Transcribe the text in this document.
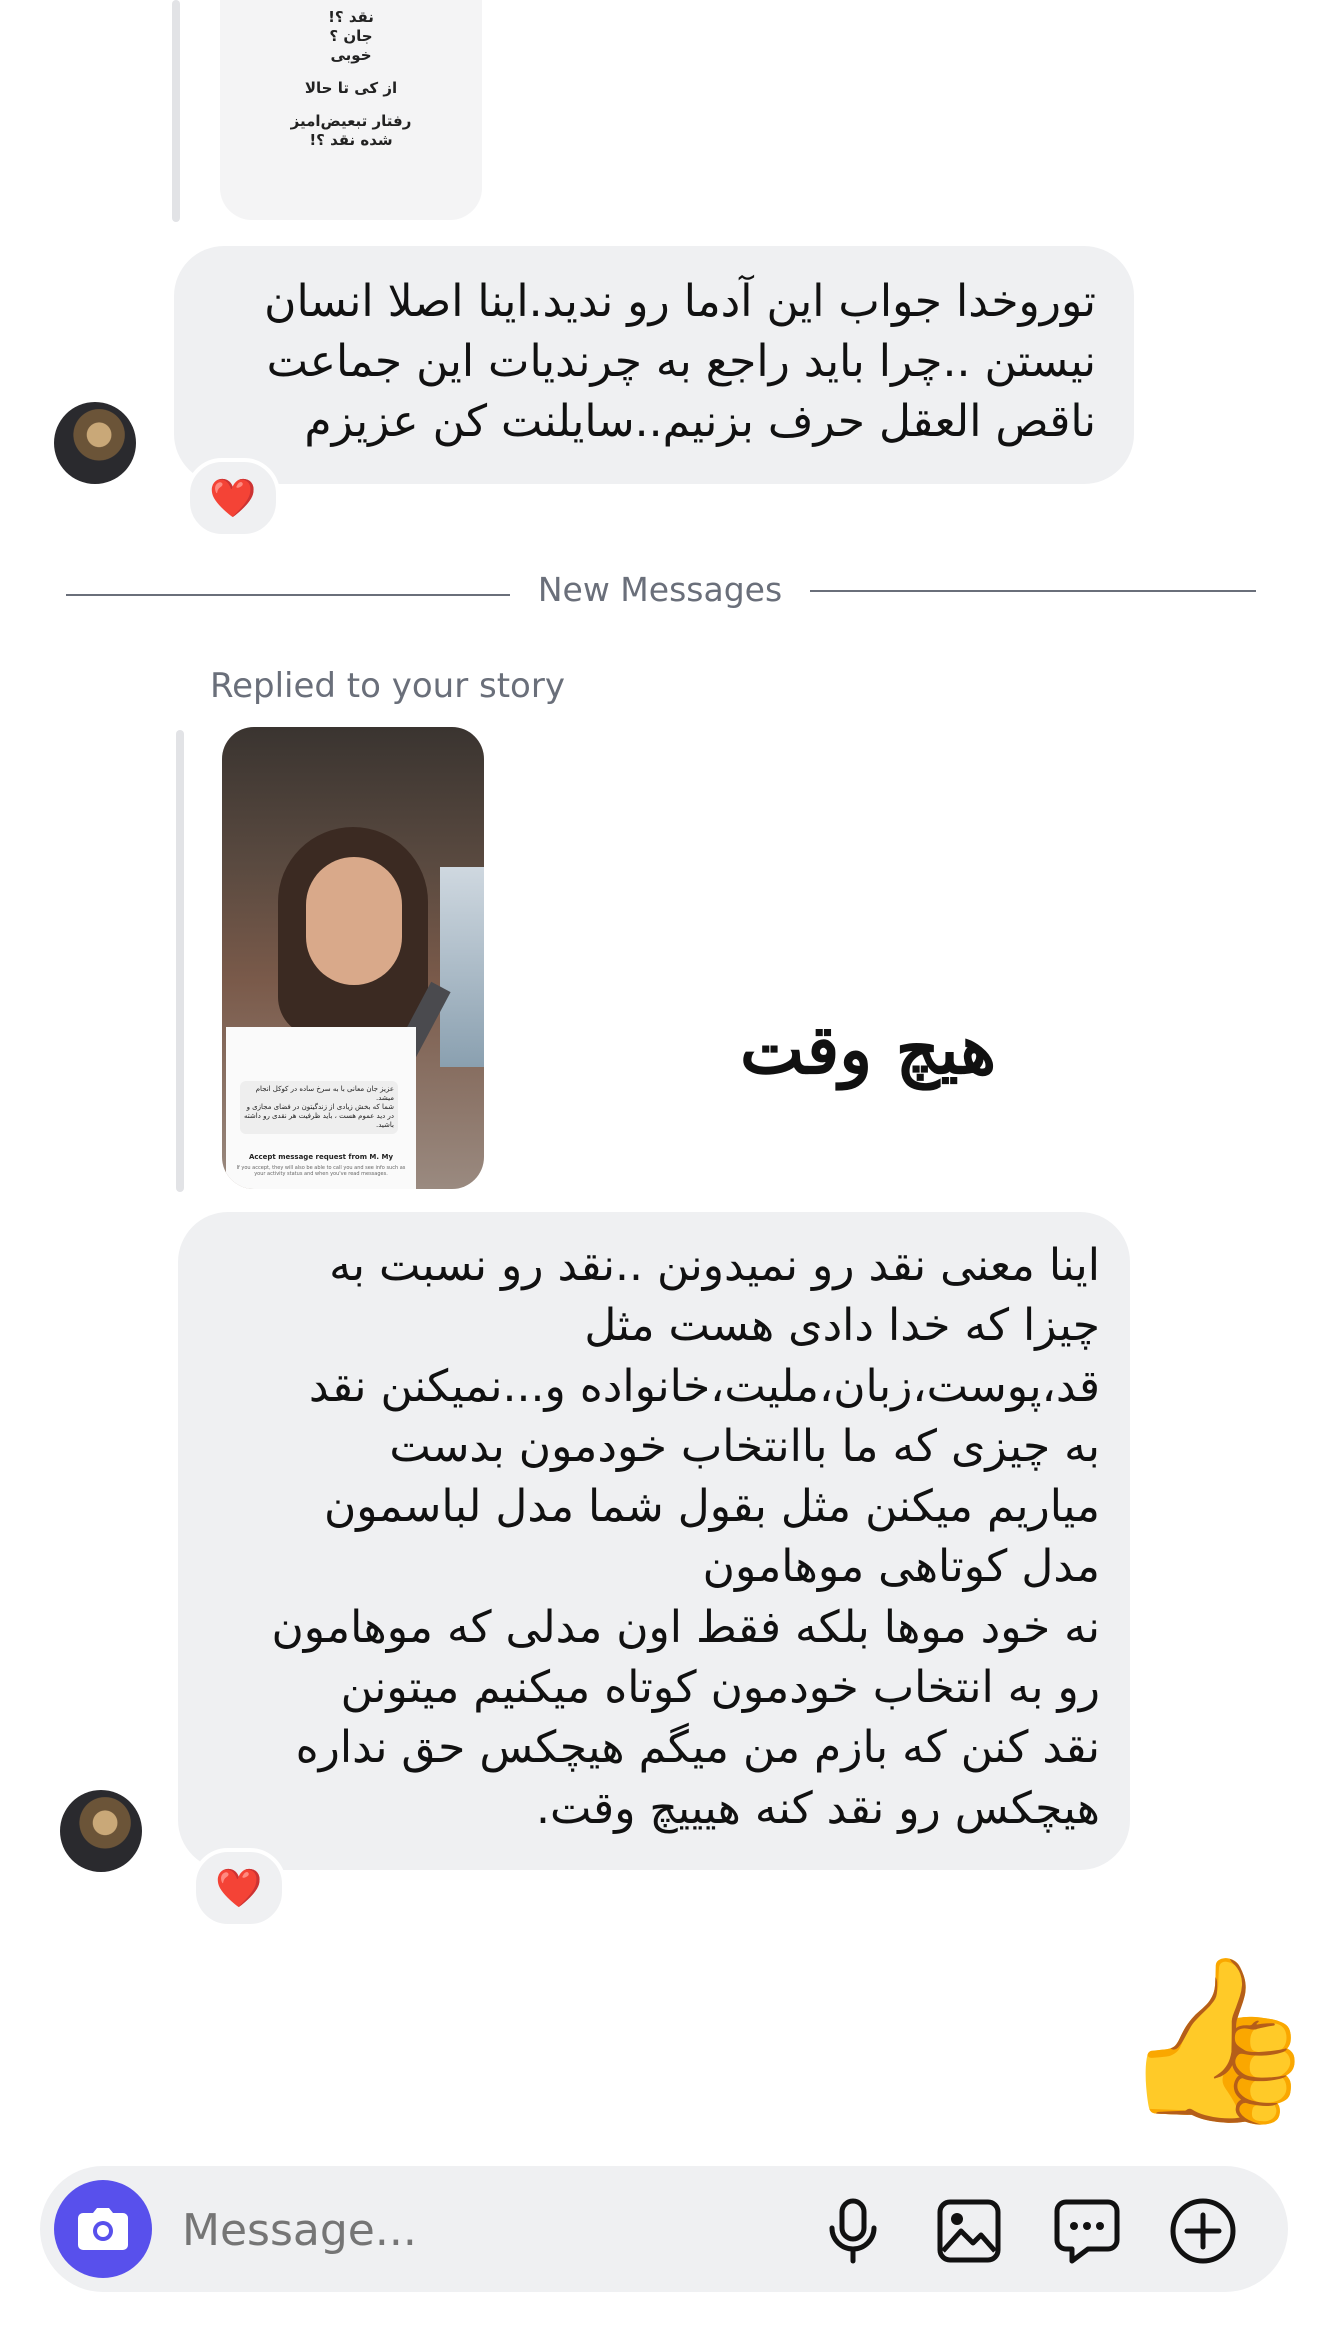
نقد ؟!
جان ؟
خوبی
از کی تا حالا
رفتار تبعیض‌امیز
شده نقد ؟!
توروخدا جواب این آدما رو ندید.اینا اصلا انسان
نیستن ..چرا باید راجع به چرندیات این جماعت
ناقص العقل حرف بزنیم..سایلنت کن عزیزم
❤️
New Messages
Replied to your story
عزیز جان معانی با به سرخ ساده در کوکل انجام میشد.
شما که بخش زیادی از زندگیتون در فضای مجازی و در دید عموم هست ، باید ظرفیت هر نقدی رو داشته باشید.
Accept message request from M. My
If you accept, they will also be able to call you and see info such as your activity status and when you've read messages.
هیچ وقت
اینا معنی نقد رو نمیدونن ..نقد رو نسبت به
چیزا که خدا دادی هست مثل
قد،پوست،زبان،ملیت،خانواده و...نمیکنن نقد
به چیزی که ما باانتخاب خودمون بدست
میاریم میکنن مثل بقول شما مدل لباسمون
مدل کوتاهی موهامون
نه خود موها بلکه فقط اون مدلی که موهامون
رو به انتخاب خودمون کوتاه میکنیم میتونن
نقد کنن که بازم من میگم هیچکس حق نداره
هیچکس رو نقد کنه هیییچ وقت.
❤️
👍
Message...
